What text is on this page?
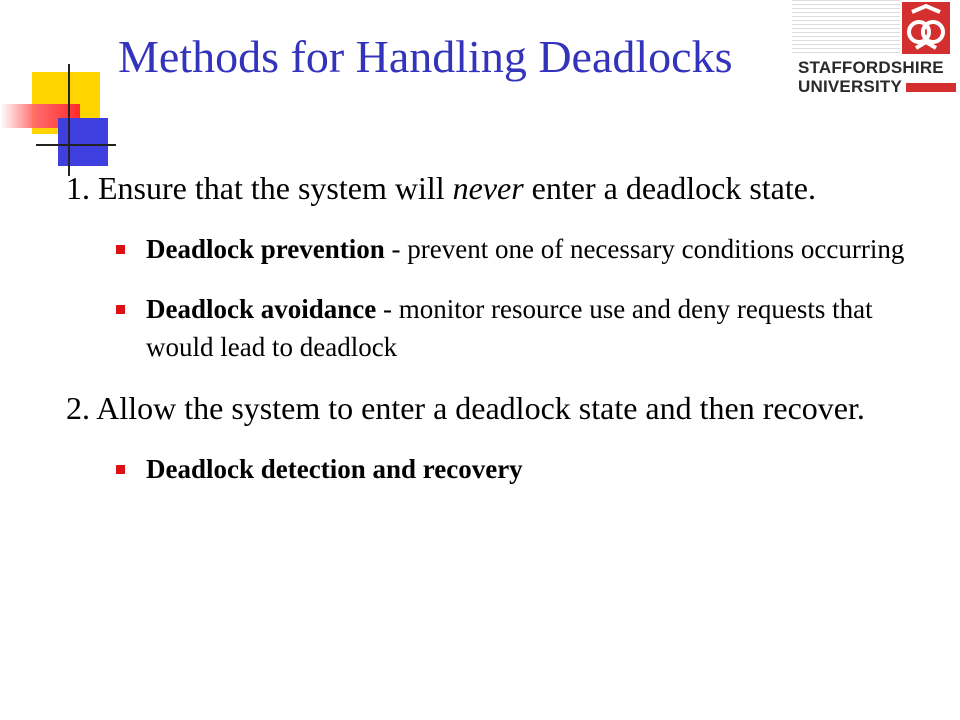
Methods for Handling Deadlocks	STAFFORDSHIRE
UNIVERSITY

1. Ensure that the system will never enter a deadlock state.

Deadlock prevention - prevent one of necessary conditions occurring
Deadlock avoidance - monitor resource use and deny requests that would lead to deadlock

2. Allow the system to enter a deadlock state and then recover.

Deadlock detection and recovery
